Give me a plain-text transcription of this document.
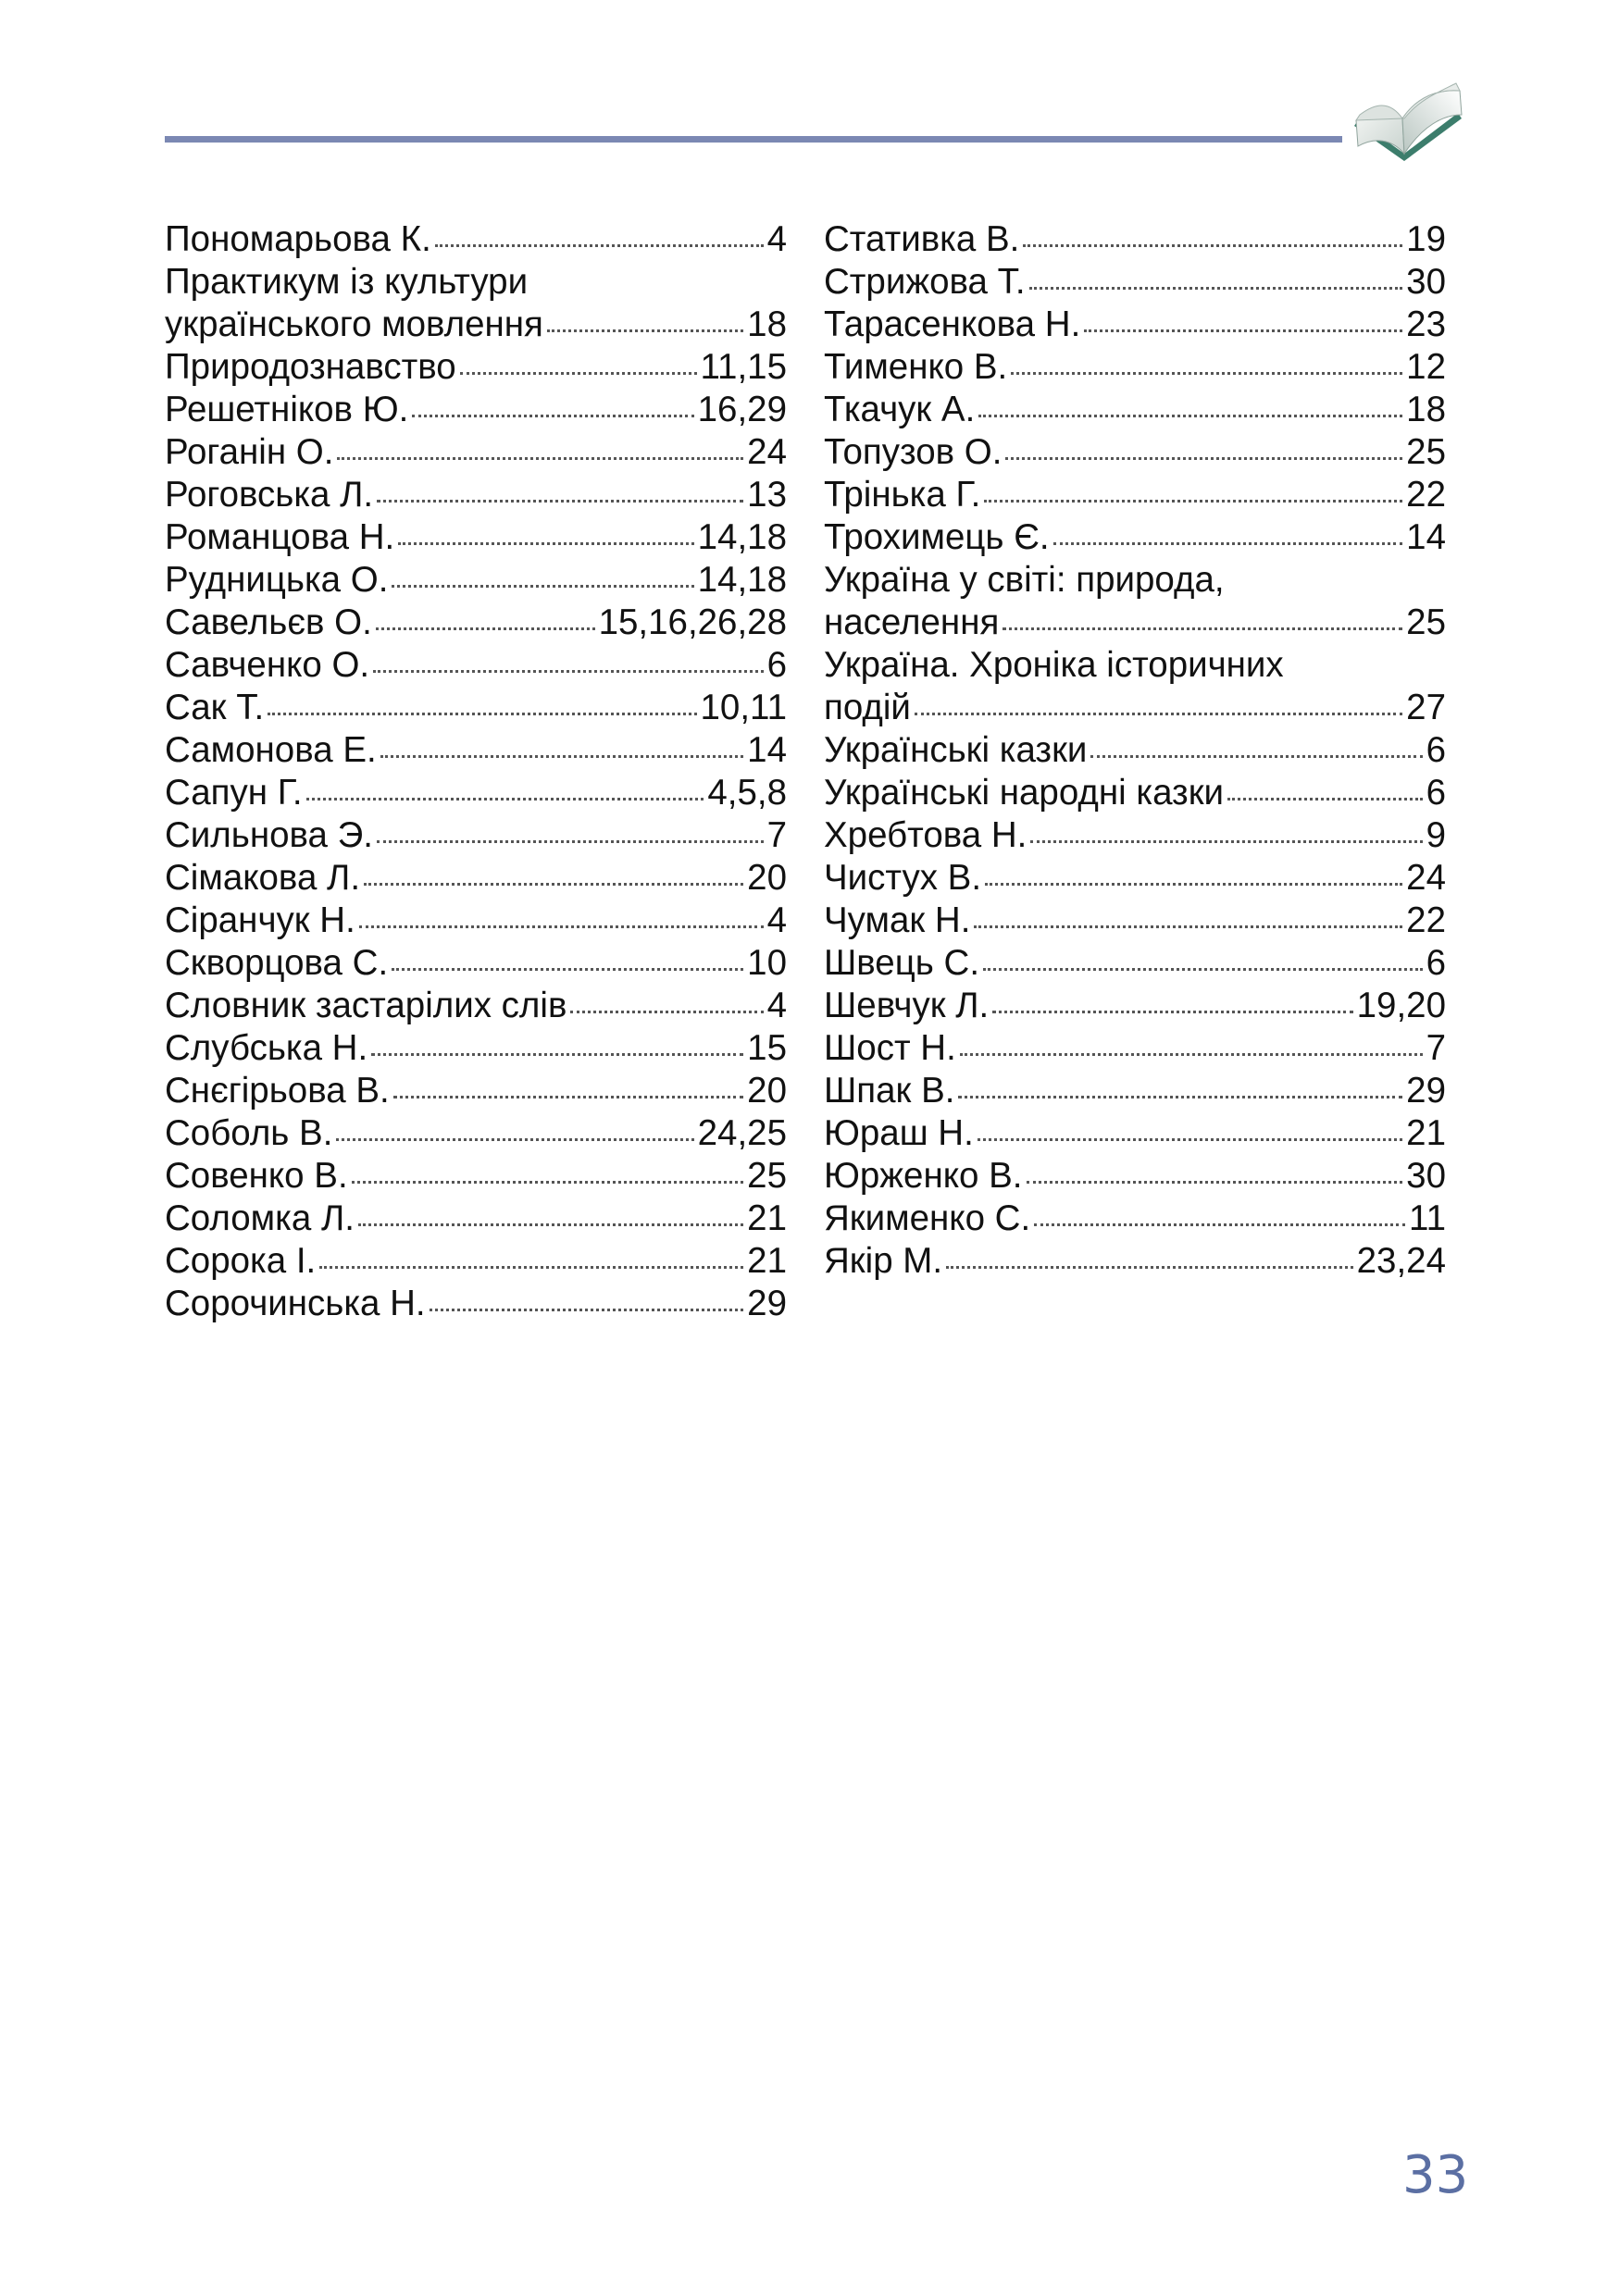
Пономарьова К.	4
Практикум із культури
українського мовлення	18
Природознавство	11,15
Решетніков Ю.	16,29
Роганін О.	24
Роговська Л.	13
Романцова Н.	14,18
Рудницька О.	14,18
Савельєв О.	15,16,26,28
Савченко О.	6
Сак Т.	10,11
Самонова Е.	14
Сапун Г.	4,5,8
Сильнова Э.	7
Сімакова Л.	20
Сіранчук Н.	4
Скворцова С.	10
Словник застарілих слів	4
Слубська Н.	15
Снєгірьова В.	20
Соболь В.	24,25
Совенко В.	25
Соломка Л.	21
Сорока І.	21
Сорочинська Н.	29
Стативка В.	19
Стрижова Т.	30
Тарасенкова Н.	23
Тименко В.	12
Ткачук А.	18
Топузов О.	25
Трінька Г.	22
Трохимець Є.	14
Україна у світі: природа,
населення	25
Україна. Хроніка історичних
подій	27
Українські казки	6
Українські народні казки	6
Хребтова Н.	9
Чистух В.	24
Чумак Н.	22
Швець С.	6
Шевчук Л.	19,20
Шост Н.	7
Шпак В.	29
Юраш Н.	21
Юрженко В.	30
Якименко С.	11
Якір М.	23,24
33
